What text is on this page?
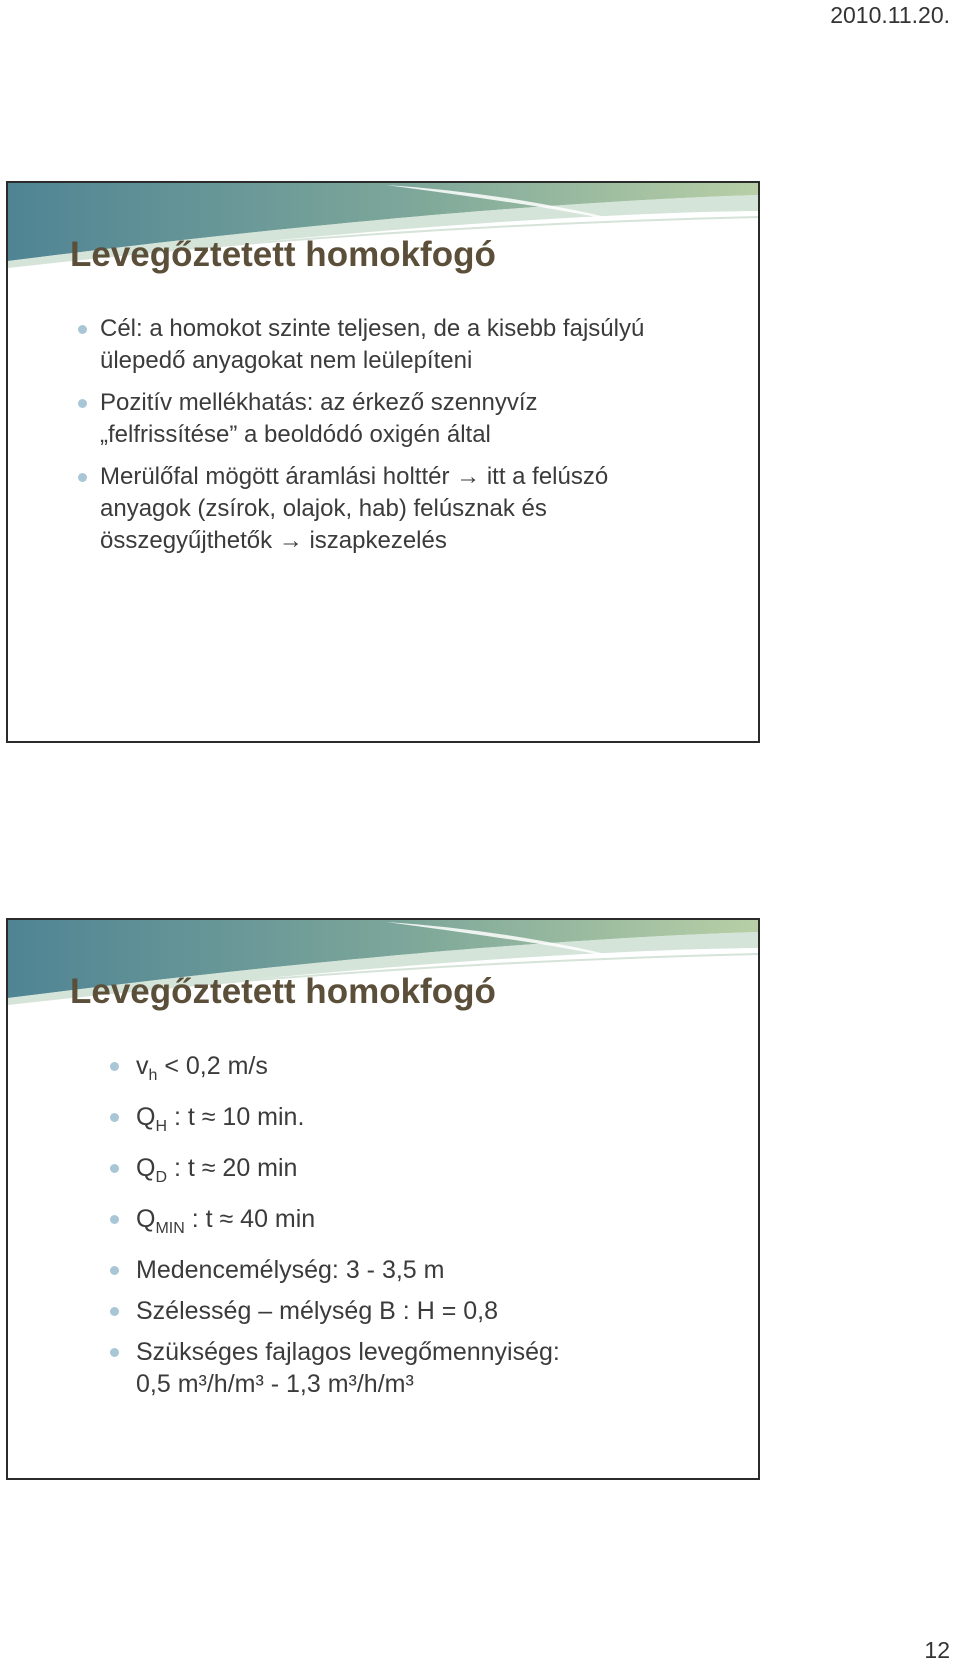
2010.11.20.
Levegőztetett homokfogó
Cél: a homokot szinte teljesen, de a kisebb fajsúlyú
ülepedő anyagokat nem leülepíteni
Pozitív mellékhatás: az érkező szennyvíz
„felfrissítése” a beoldódó oxigén által
Merülőfal mögött áramlási holttér → itt a felúszó
anyagok (zsírok, olajok, hab) felúsznak és
összegyűjthetők → iszapkezelés
Levegőztetett homokfogó
$v_h < 0,2$ m/s
$Q_H$ : t ≈ 10 min.
$Q_D$ : t ≈ 20 min
$Q_{MIN}$ : t ≈ 40 min
Medencemélység: 3 - 3,5 m
Szélesség – mélység B : H = 0,8
Szükséges fajlagos levegőmennyiség:
0,5 m³/h/m³ - 1,3 m³/h/m³
12
